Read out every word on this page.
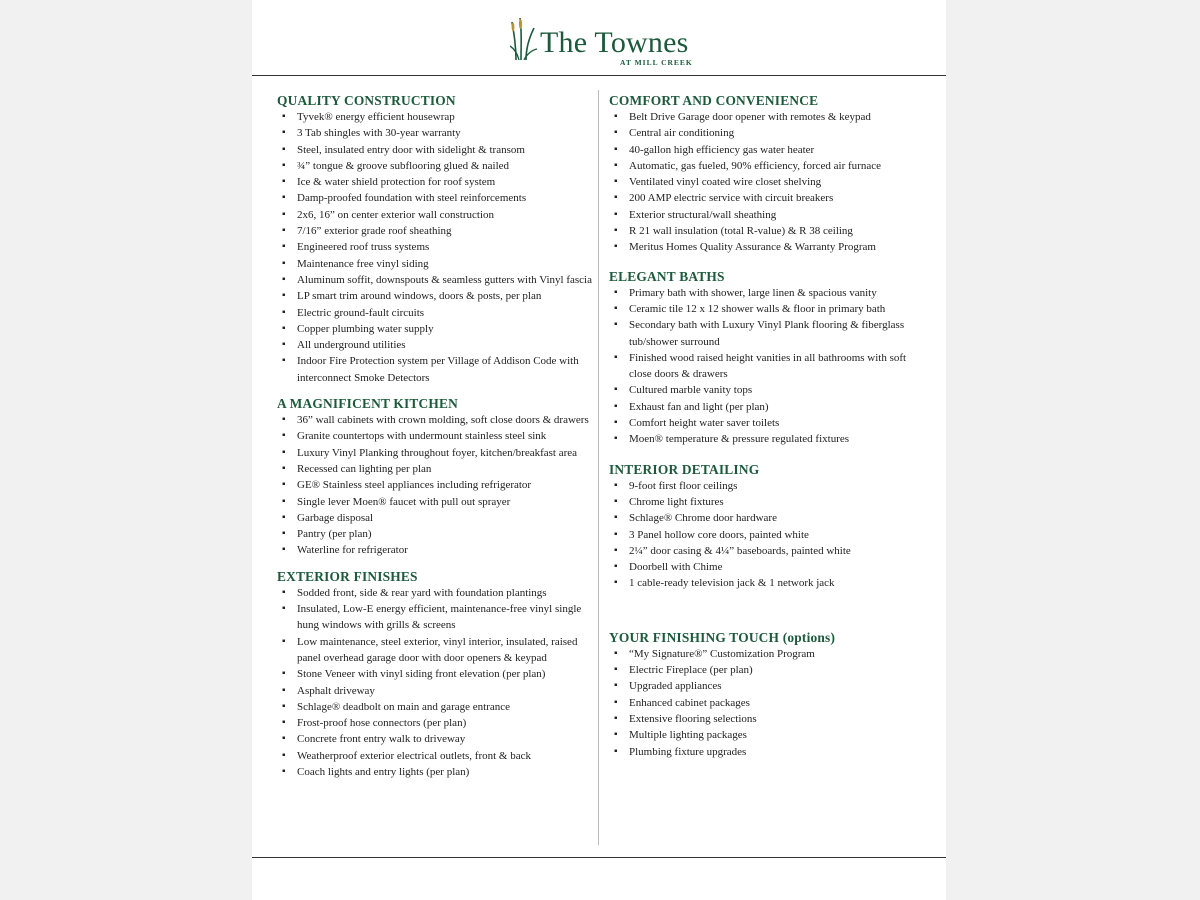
The Townes
AT MILL CREEK
QUALITY CONSTRUCTION
▪ Tyvek® energy efficient housewrap
▪ 3 Tab shingles with 30-year warranty
▪ Steel, insulated entry door with sidelight & transom
▪ ¾” tongue & groove subflooring glued & nailed
▪ Ice & water shield protection for roof system
▪ Damp-proofed foundation with steel reinforcements
▪ 2x6, 16” on center exterior wall construction
▪ 7/16” exterior grade roof sheathing
▪ Engineered roof truss systems
▪ Maintenance free vinyl siding
▪ Aluminum soffit, downspouts & seamless gutters with Vinyl fascia
▪ LP smart trim around windows, doors & posts, per plan
▪ Electric ground-fault circuits
▪ Copper plumbing water supply
▪ All underground utilities
▪ Indoor Fire Protection system per Village of Addison Code with interconnect Smoke Detectors
A MAGNIFICENT KITCHEN
▪ 36” wall cabinets with crown molding, soft close doors & drawers
▪ Granite countertops with undermount stainless steel sink
▪ Luxury Vinyl Planking throughout foyer, kitchen/breakfast area
▪ Recessed can lighting per plan
▪ GE® Stainless steel appliances including refrigerator
▪ Single lever Moen® faucet with pull out sprayer
▪ Garbage disposal
▪ Pantry (per plan)
▪ Waterline for refrigerator
EXTERIOR FINISHES
▪ Sodded front, side & rear yard with foundation plantings
▪ Insulated, Low-E energy efficient, maintenance-free vinyl single hung windows with grills & screens
▪ Low maintenance, steel exterior, vinyl interior, insulated, raised panel overhead garage door with door openers & keypad
▪ Stone Veneer with vinyl siding front elevation (per plan)
▪ Asphalt driveway
▪ Schlage® deadbolt on main and garage entrance
▪ Frost-proof hose connectors (per plan)
▪ Concrete front entry walk to driveway
▪ Weatherproof exterior electrical outlets, front & back
▪ Coach lights and entry lights (per plan)
COMFORT AND CONVENIENCE
▪ Belt Drive Garage door opener with remotes & keypad
▪ Central air conditioning
▪ 40-gallon high efficiency gas water heater
▪ Automatic, gas fueled, 90% efficiency, forced air furnace
▪ Ventilated vinyl coated wire closet shelving
▪ 200 AMP electric service with circuit breakers
▪ Exterior structural/wall sheathing
▪ R 21 wall insulation (total R-value) & R 38 ceiling
▪ Meritus Homes Quality Assurance & Warranty Program
ELEGANT BATHS
▪ Primary bath with shower, large linen & spacious vanity
▪ Ceramic tile 12 x 12 shower walls & floor in primary bath
▪ Secondary bath with Luxury Vinyl Plank flooring & fiberglass tub/shower surround
▪ Finished wood raised height vanities in all bathrooms with soft close doors & drawers
▪ Cultured marble vanity tops
▪ Exhaust fan and light (per plan)
▪ Comfort height water saver toilets
▪ Moen® temperature & pressure regulated fixtures
INTERIOR DETAILING
▪ 9-foot first floor ceilings
▪ Chrome light fixtures
▪ Schlage® Chrome door hardware
▪ 3 Panel hollow core doors, painted white
▪ 2¼” door casing & 4¼” baseboards, painted white
▪ Doorbell with Chime
▪ 1 cable-ready television jack & 1 network jack
YOUR FINISHING TOUCH (options)
▪ “My Signature®” Customization Program
▪ Electric Fireplace (per plan)
▪ Upgraded appliances
▪ Enhanced cabinet packages
▪ Extensive flooring selections
▪ Multiple lighting packages
▪ Plumbing fixture upgrades
